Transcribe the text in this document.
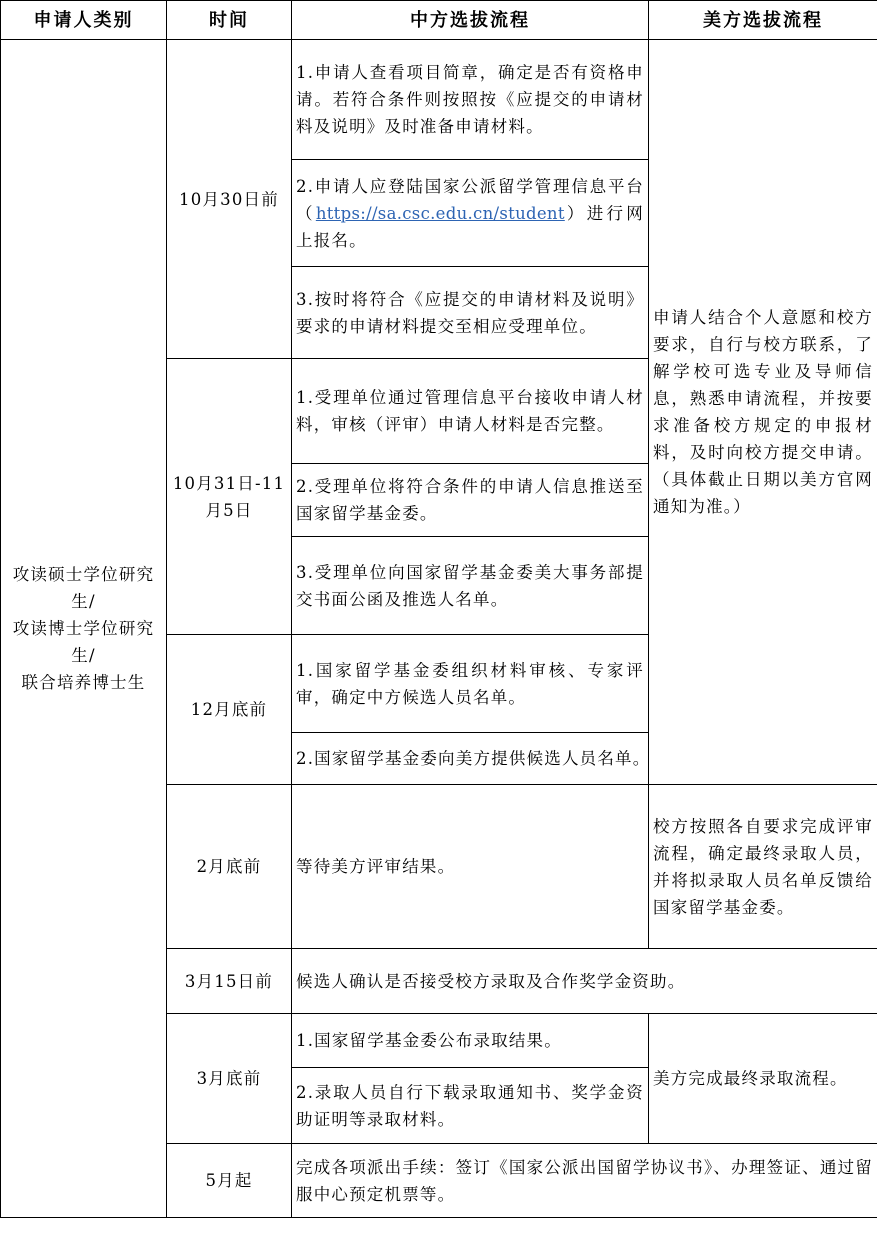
申请人类别	时间	中方选拔流程	美方选拔流程

攻读硕士学位研究生/
攻读博士学位研究生/
联合培养博士生	10月30日前	1.申请人查看项目简章，确定是否有资格申请。若符合条件则按照按《应提交的申请材料及说明》及时准备申请材料。	申请人结合个人意愿和校方要求，自行与校方联系，了解学校可选专业及导师信息，熟悉申请流程，并按要求准备校方规定的申报材料，及时向校方提交申请。（具体截止日期以美方官网通知为准。）
		2.申请人应登陆国家公派留学管理信息平台（https://sa.csc.edu.cn/student）进行网上报名。	
		3.按时将符合《应提交的申请材料及说明》要求的申请材料提交至相应受理单位。	
	10月31日-11月5日	1.受理单位通过管理信息平台接收申请人材料，审核（评审）申请人材料是否完整。	
		2.受理单位将符合条件的申请人信息推送至国家留学基金委。	
		3.受理单位向国家留学基金委美大事务部提交书面公函及推选人名单。	
	12月底前	1.国家留学基金委组织材料审核、专家评审，确定中方候选人员名单。	
		2.国家留学基金委向美方提供候选人员名单。	
	2月底前	等待美方评审结果。	校方按照各自要求完成评审流程，确定最终录取人员，并将拟录取人员名单反馈给国家留学基金委。
	3月15日前	候选人确认是否接受校方录取及合作奖学金资助。	
	3月底前	1.国家留学基金委公布录取结果。	美方完成最终录取流程。
		2.录取人员自行下载录取通知书、奖学金资助证明等录取材料。	
	5月起	完成各项派出手续：签订《国家公派出国留学协议书》、办理签证、通过留服中心预定机票等。	
